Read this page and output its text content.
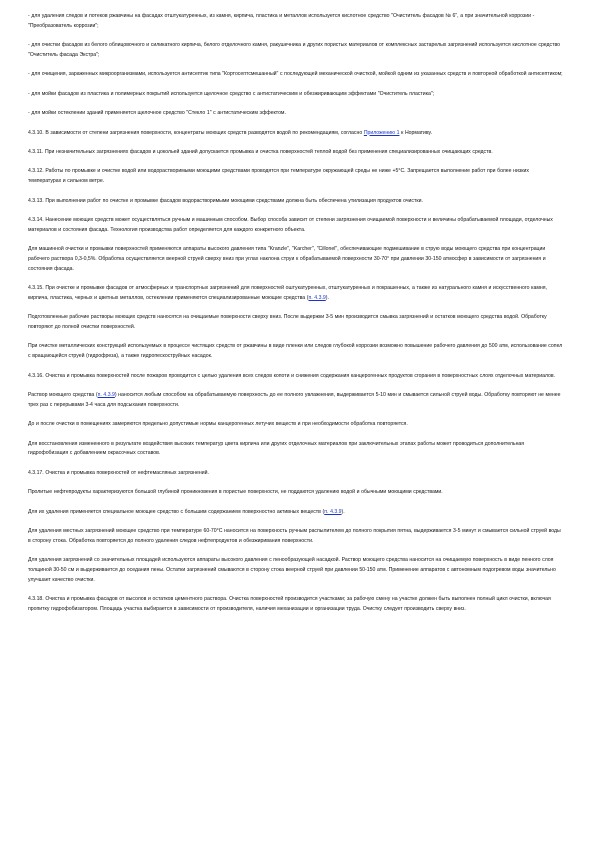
- для удаления следов и потеков ржавчины на фасадах отштукатуренных, из камня, кирпича, пластика и металлов используется кислотное средство "Очиститель фасадов № 6", а при значительной коррозии - "Преобразователь коррозии";

- для очистки фасадов из белого облицовочного и силикатного кирпича, белого отделочного камня, ракушечника и других пористых материалов от комплексных застарелых загрязнений используется кислотное средство "Очиститель фасада Экстра";

- для очищения, зараженных микроорганизмами, используется антисептик типа "Кортосептсмешанный" с последующей механической очисткой, мойкой одним из указанных средств и повторной обработкой антисептиком;

- для мойки фасадов из пластика и полимерных покрытий используется щелочное средство с антистатическим и обезжиривающим эффектами "Очиститель пластика";

- для мойки остеклении зданий применяется щелочное средство "Стекло 1" с антистатическим эффектом.

4.3.10. В зависимости от степени загрязнения поверхности, концентраты моющих средств разводятся водой по рекомендациям, согласно Приложению 1 к Нормативу.

4.3.11. При незначительных загрязнениях фасадов и цокольей зданий допускается промывка и очистка поверхностей теплой водой без применения специализированных очищающих средств.

4.3.12. Работы по промывке и очистке водой или водорастворимыми моющими средствами проводятся при температуре окружающей среды не ниже +5°С. Запрещается выполнение работ при более низких температурах и сильном ветре.

4.3.13. При выполнении работ по очистке и промывке фасадов водорастворимыми моющими средствами должна быть обеспечена утилизация продуктов очистки.

4.3.14. Нанесение моющих средств может осуществляться ручным и машинным способом. Выбор способа зависит от степени загрязнения очищаемой поверхности и величины обрабатываемой площади, отделочных материалов и состояния фасада. Технология производства работ определяется для каждого конкретного объекта.

Для машинной очистки и промывки поверхностей применяются аппараты высокого давления типа "Kranzle", "Karcher", "Cillonel", обеспечивающие подмешивание в струю воды моющего средства при концентрации рабочего раствора 0,3-0,5%. Обработка осуществляется веерной струей сверху вниз при углах наклона струи к обрабатываемой поверхности 30-70° при давлении 30-150 атмосфер в зависимости от загрязнения и состояния фасада.

4.3.15. При очистке и промывке фасадов от атмосферных и транспортных загрязнений для поверхностей оштукатуренных, отштукатуренных и покрашенных, а также из натурального камня и искусственного камня, кирпича, пластика, черных и цветных металлов, остеклении применяются специализированные моющие средства (п. 4.3.9).

Подготовленные рабочие растворы моющих средств наносятся на очищаемые поверхности сверху вниз. После выдержки 3-5 мин производится смывка загрязнений и остатков моющего средства водой. Обработку повторяют до полной очистки поверхностей.

При очистке металлических конструкций используемых в процессе чистящих средств от ржавчины в виде пленки или следов глубокой коррозии возможно повышение рабочего давления до 500 атм, использование сопел с вращающейся струей (гидрофреза), а также гидропескоструйных насадок.

4.3.16. Очистка и промывка поверхностей после пожаров проводится с целью удаления всех следов копоти и снижения содержания канцерогенных продуктов сгорания в поверхностных слоях отделочных материалов.

Раствор моющего средства (п. 4.3.9) наносится любым способом на обрабатываемую поверхность до ее полного увлажнения, выдерживается 5-10 мин и смывается сильной струей воды. Обработку повторяют не менее трех раз с перерывами 3-4 часа для подсыхания поверхности.

До и после очистки в помещениях замеряются предельно допустимые нормы канцерогенных летучих веществ и при необходимости обработка повторяется.

Для восстановления измененного в результате воздействия высоких температур цвета кирпича или других отделочных материалов при заключительных этапах работы может проводиться дополнительная гидрофобизация с добавлением окрасочных составов.

4.3.17. Очистка и промывка поверхностей от нефтемасляных загрязнений.

Пролитые нефтепродукты характеризуются большой глубиной проникновения в пористые поверхности, не поддаются удалению водой и обычными моющими средствами.

Для их удаления применяется специальное моющее средство с большим содержанием поверхностно активных веществ (п. 4.3.9).

Для удаления местных загрязнений моющее средство при температуре 60-70°С наносится на поверхность ручным распылителем до полного покрытия пятна, выдерживается 3-5 минут и смывается сильной струей воды в сторону стока. Обработка повторяется до полного удаления следов нефтепродуктов и обезжиривания поверхности.

Для удаления загрязнений со значительных площадей используются аппараты высокого давления с пенообразующей насадкой. Раствор моющего средства наносится на очищаемую поверхность в виде пенного слоя толщиной 30-50 см и выдерживается до оседания пены. Остатки загрязнений смываются в сторону стока веерной струей при давлении 50-150 атм. Применение аппаратов с автономным подогревом воды значительно улучшает качество очистки.

4.3.18. Очистка и промывка фасадов от высолов и остатков цементного раствора. Очистка поверхностей производится участками; за рабочую смену на участке должен быть выполнен полный цикл очистки, включая пропитку гидрофобизатором. Площадь участка выбирается в зависимости от производителя, наличия механизации и организации труда. Очистку следует производить сверху вниз.
